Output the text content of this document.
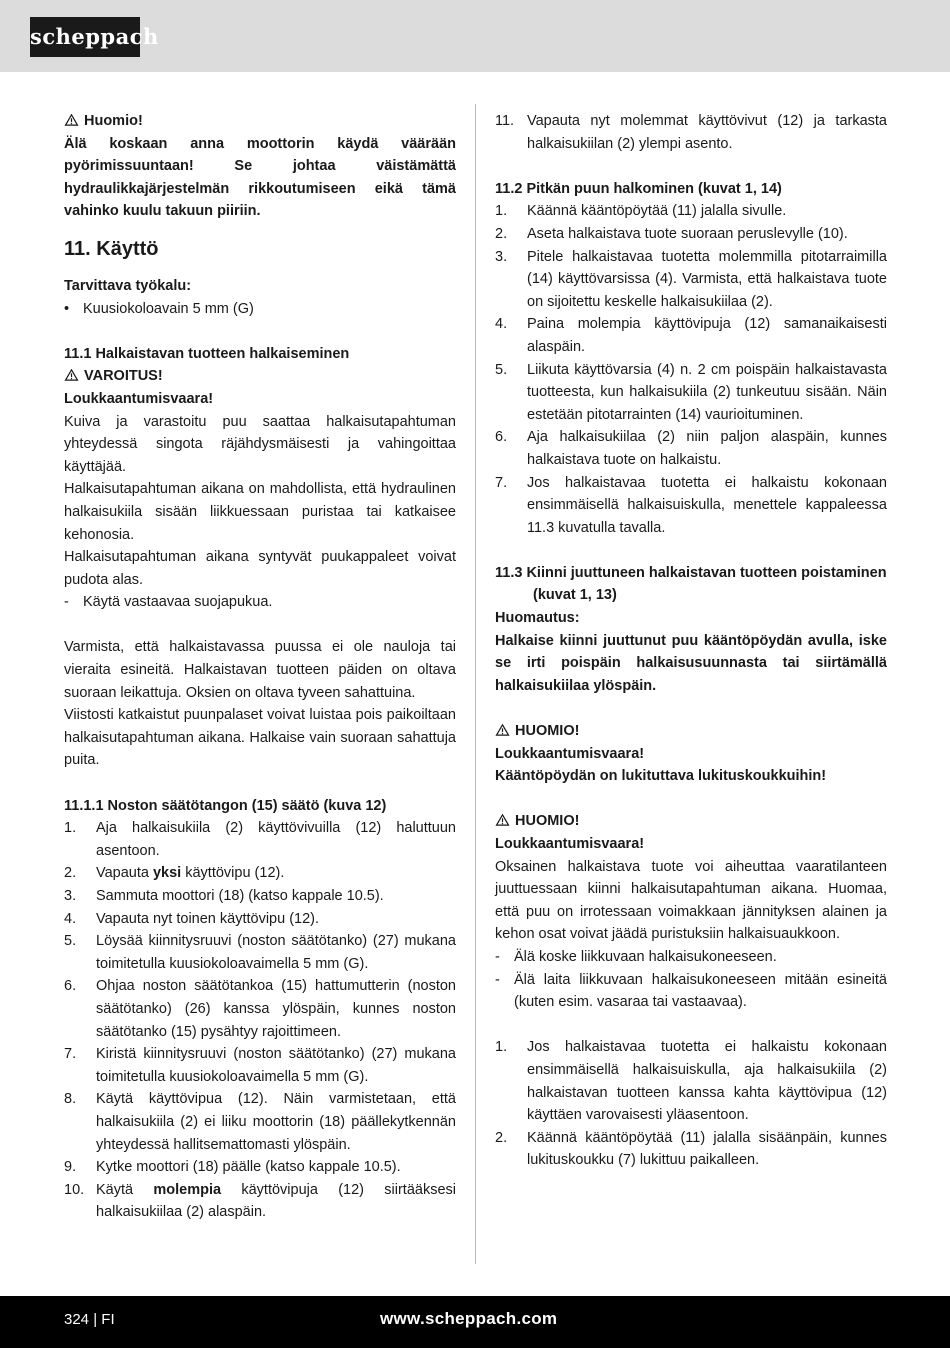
scheppach

Huomio!

Älä koskaan anna moottorin käydä väärään pyörimissuuntaan! Se johtaa väistämättä hydraulikkajärjestelmän rikkoutumiseen eikä tämä vahinko kuulu takuun piiriin.

11. Käyttö

Tarvittava työkalu:

• Kuusiokoloavain 5 mm (G)

11.1 Halkaistavan tuotteen halkaiseminen

VAROITUS!

Loukkaantumisvaara!

Kuiva ja varastoitu puu saattaa halkaisutapahtuman yhteydessä singota räjähdysmäisesti ja vahingoittaa käyttäjää.

Halkaisutapahtuman aikana on mahdollista, että hydraulinen halkaisukiila sisään liikkuessaan puristaa tai katkaisee kehonosia.

Halkaisutapahtuman aikana syntyvät puukappaleet voivat pudota alas.

- Käytä vastaavaa suojapukua.

Varmista, että halkaistavassa puussa ei ole nauloja tai vieraita esineitä. Halkaistavan tuotteen päiden on oltava suoraan leikattuja. Oksien on oltava tyveen sahattuina.

Viistosti katkaistut puunpalaset voivat luistaa pois paikoiltaan halkaisutapahtuman aikana. Halkaise vain suoraan sahattuja puita.

11.1.1 Noston säätötangon (15) säätö (kuva 12)

1.	Aja halkaisukiila (2) käyttövivuilla (12) haluttuun asentoon.
2.	Vapauta yksi käyttövipu (12).
3.	Sammuta moottori (18) (katso kappale 10.5).
4.	Vapauta nyt toinen käyttövipu (12).
5.	Löysää kiinnitysruuvi (noston säätötanko) (27) mukana toimitetulla kuusiokoloavaimella 5 mm (G).
6.	Ohjaa noston säätötankoa (15) hattumutterin (noston säätötanko) (26) kanssa ylöspäin, kunnes noston säätötanko (15) pysähtyy rajoittimeen.
7.	Kiristä kiinnitysruuvi (noston säätötanko) (27) mukana toimitetulla kuusiokoloavaimella 5 mm (G).
8.	Käytä käyttövipua (12). Näin varmistetaan, että halkaisukiila (2) ei liiku moottorin (18) päällekytkennän yhteydessä hallitsemattomasti ylöspäin.
9.	Kytke moottori (18) päälle (katso kappale 10.5).
10. Käytä molempia käyttövipuja (12) siirtääksesi halkaisukiilaa (2) alaspäin.
11. Vapauta nyt molemmat käyttövivut (12) ja tarkasta halkaisukiilan (2) ylempi asento.

11.2 Pitkän puun halkominen (kuvat 1, 14)

1.	Käännä kääntöpöytää (11) jalalla sivulle.
2.	Aseta halkaistava tuote suoraan peruslevylle (10).
3.	Pitele halkaistavaa tuotetta molemmilla pitotarraimilla (14) käyttövarsissa (4). Varmista, että halkaistava tuote on sijoitettu keskelle halkaisukiilaa (2).
4.	Paina molempia käyttövipuja (12) samanaikaisesti alaspäin.
5.	Liikuta käyttövarsia (4) n. 2 cm poispäin halkaistavasta tuotteesta, kun halkaisukiila (2) tunkeutuu sisään. Näin estetään pitotarrainten (14) vaurioituminen.
6.	Aja halkaisukiilaa (2) niin paljon alaspäin, kunnes halkaistava tuote on halkaistu.
7.	Jos halkaistavaa tuotetta ei halkaistu kokonaan ensimmäisellä halkaisuiskulla, menettele kappaleessa 11.3 kuvatulla tavalla.

11.3 Kiinni juuttuneen halkaistavan tuotteen poistaminen (kuvat 1, 13)

Huomautus:

Halkaise kiinni juuttunut puu kääntöpöydän avulla, iske se irti poispäin halkaisusuunnasta tai siirtämällä halkaisukiilaa ylöspäin.

HUOMIO!

Loukkaantumisvaara!

Kääntöpöydän on lukituttava lukituskoukkuihin!

HUOMIO!

Loukkaantumisvaara!

Oksainen halkaistava tuote voi aiheuttaa vaaratilanteen juuttuessaan kiinni halkaisutapahtuman aikana. Huomaa, että puu on irrotessaan voimakkaan jännityksen alainen ja kehon osat voivat jäädä puristuksiin halkaisuaukkoon.

- Älä koske liikkuvaan halkaisukoneeseen.
- Älä laita liikkuvaan halkaisukoneeseen mitään esineitä (kuten esim. vasaraa tai vastaavaa).
1.	Jos halkaistavaa tuotetta ei halkaistu kokonaan ensimmäisellä halkaisuiskulla, aja halkaisukiila (2) halkaistavan tuotteen kanssa kahta käyttövipua (12) käyttäen varovaisesti yläasentoon.
2.	Käännä kääntöpöytää (11) jalalla sisäänpäin, kunnes lukituskoukku (7) lukittuu paikalleen.
324 | FI	www.scheppach.com
